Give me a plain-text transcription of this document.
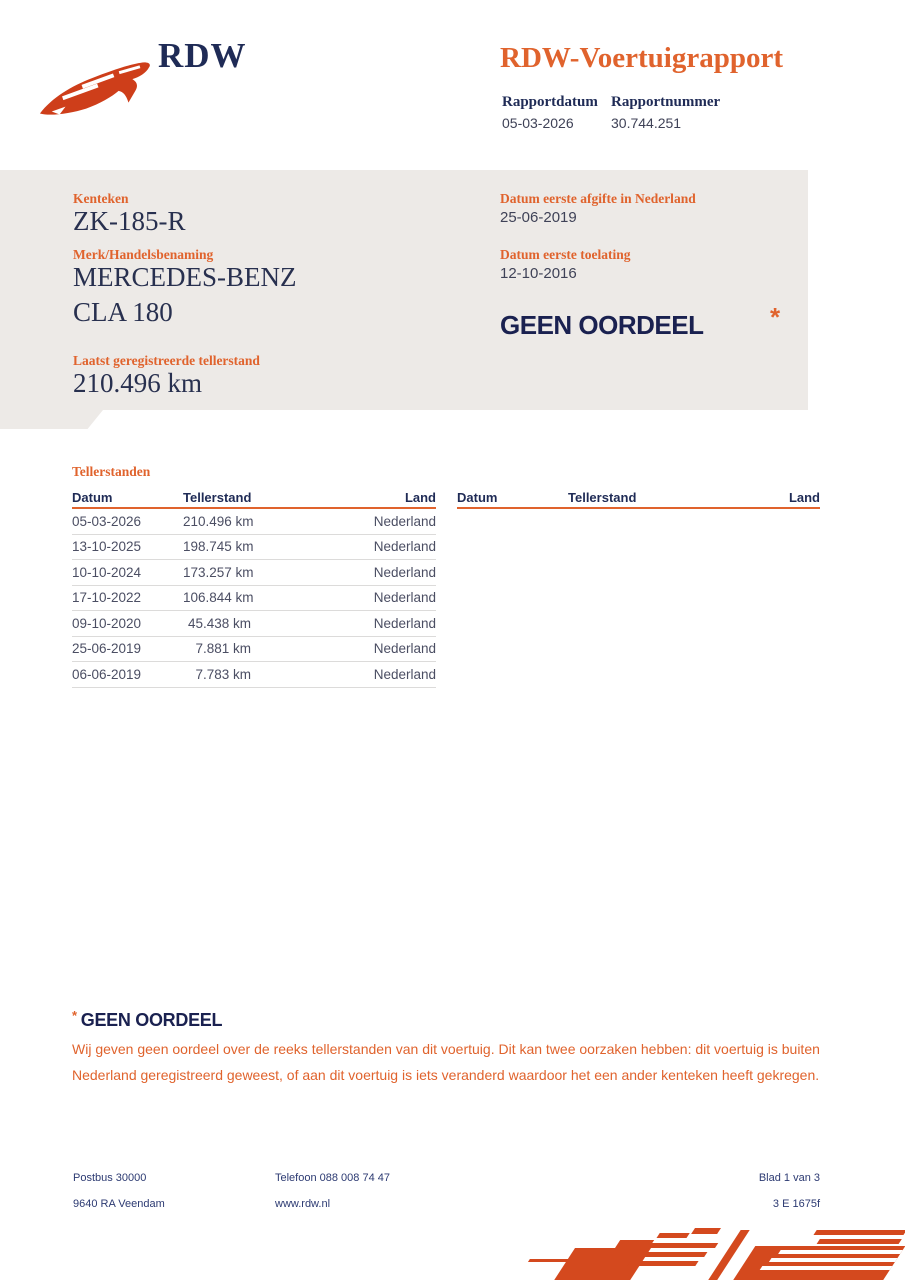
RDW	RDW-Voertuigrapport
Rapportdatum Rapportnummer
05-03-2026	30.744.251
Kenteken
ZK-185-R
Merk/Handelsbenaming
MERCEDES-BENZ
CLA 180
Laatst geregistreerde tellerstand
210.496 km
Datum eerste afgifte in Nederland
25-06-2019
Datum eerste toelating
12-10-2016
GEEN OORDEEL	*
Tellerstanden
Datum	Tellerstand	Land
05-03-2026	210.496 km	Nederland
13-10-2025	198.745 km	Nederland
10-10-2024	173.257 km	Nederland
17-10-2022	106.844 km	Nederland
09-10-2020	45.438 km	Nederland
25-06-2019	7.881 km	Nederland
06-06-2019	7.783 km	Nederland
Datum	Tellerstand	Land
* GEEN OORDEEL
Wij geven geen oordeel over de reeks tellerstanden van dit voertuig. Dit kan twee oorzaken hebben: dit voertuig is buiten Nederland geregistreerd geweest, of aan dit voertuig is iets veranderd waardoor het een ander kenteken heeft gekregen.
Postbus 30000
9640 RA Veendam
Telefoon 088 008 74 47
www.rdw.nl
Blad 1 van 3
3 E 1675f
